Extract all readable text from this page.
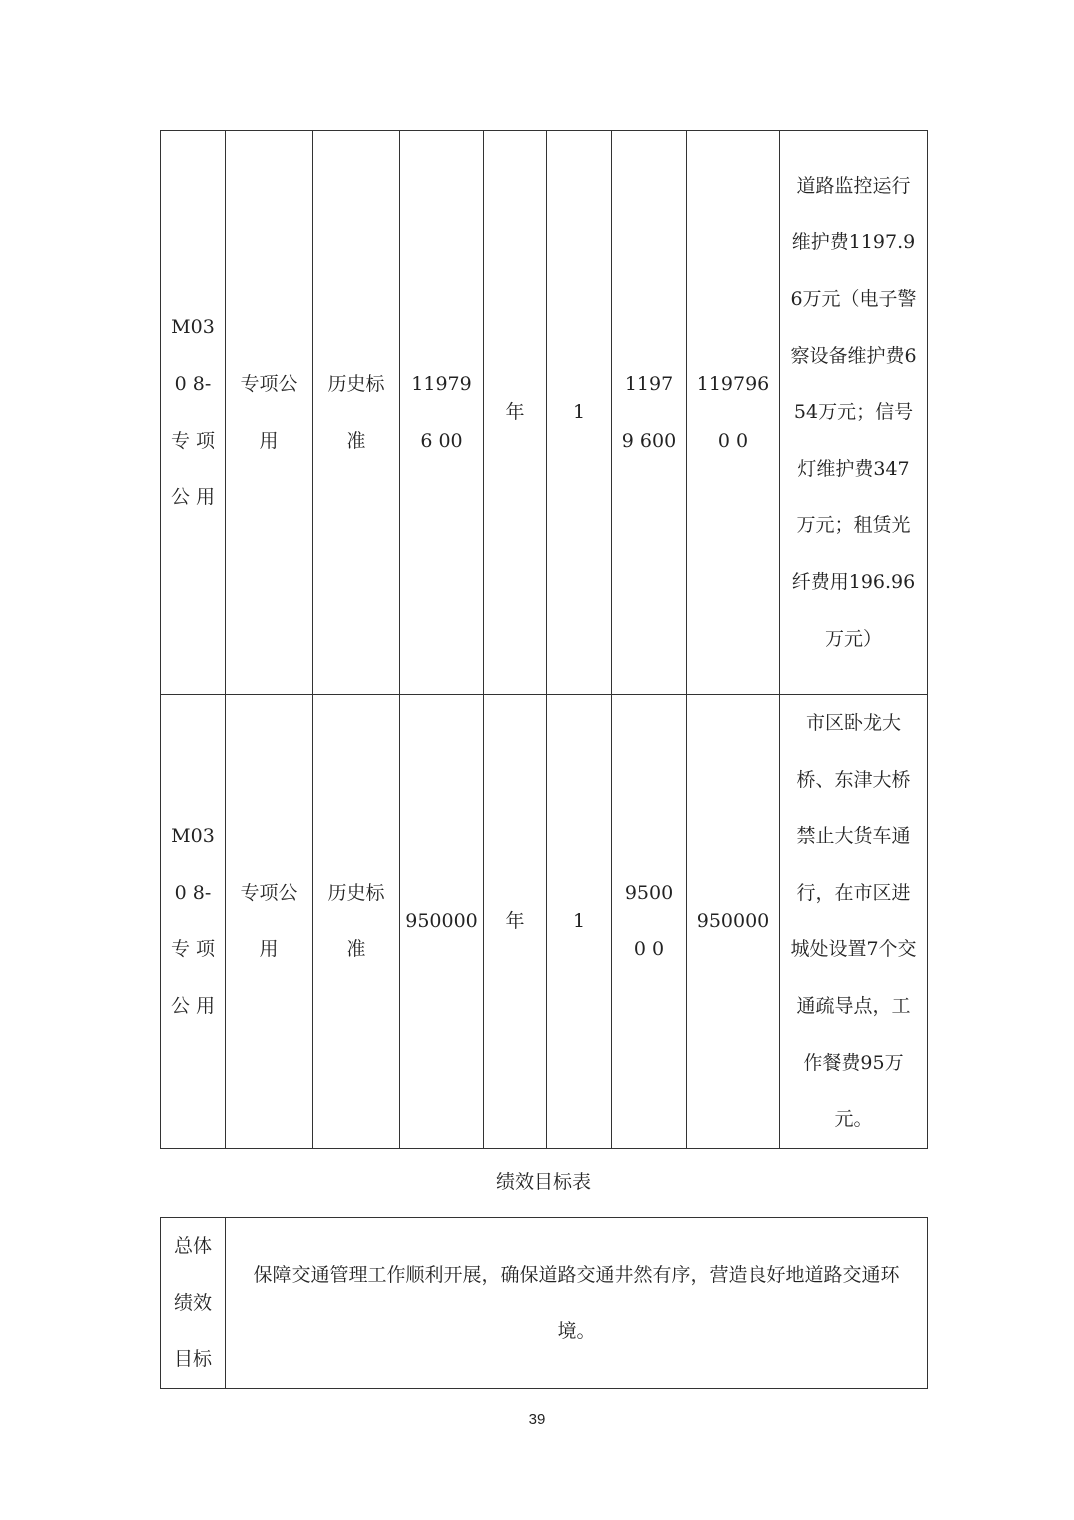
M030 8-专 项公 用	专项公 用	历史标 准	119796 00	年	1	11979 600	1197960 0	道路监控运行维护费1197.96万元（电子警察设备维护费654万元；信号灯维护费347万元；租赁光纤费用196.96万元）

M030 8-专 项公 用	专项公 用	历史标 准	950000	年	1	95000 0	950000	市区卧龙大桥、东津大桥禁止大货车通行，在市区进城处设置7个交通疏导点，工作餐费95万元。
绩效目标表
总体 绩效 目标

保障交通管理工作顺利开展，确保道路交通井然有序，营造良好地道路交通环境。
39
